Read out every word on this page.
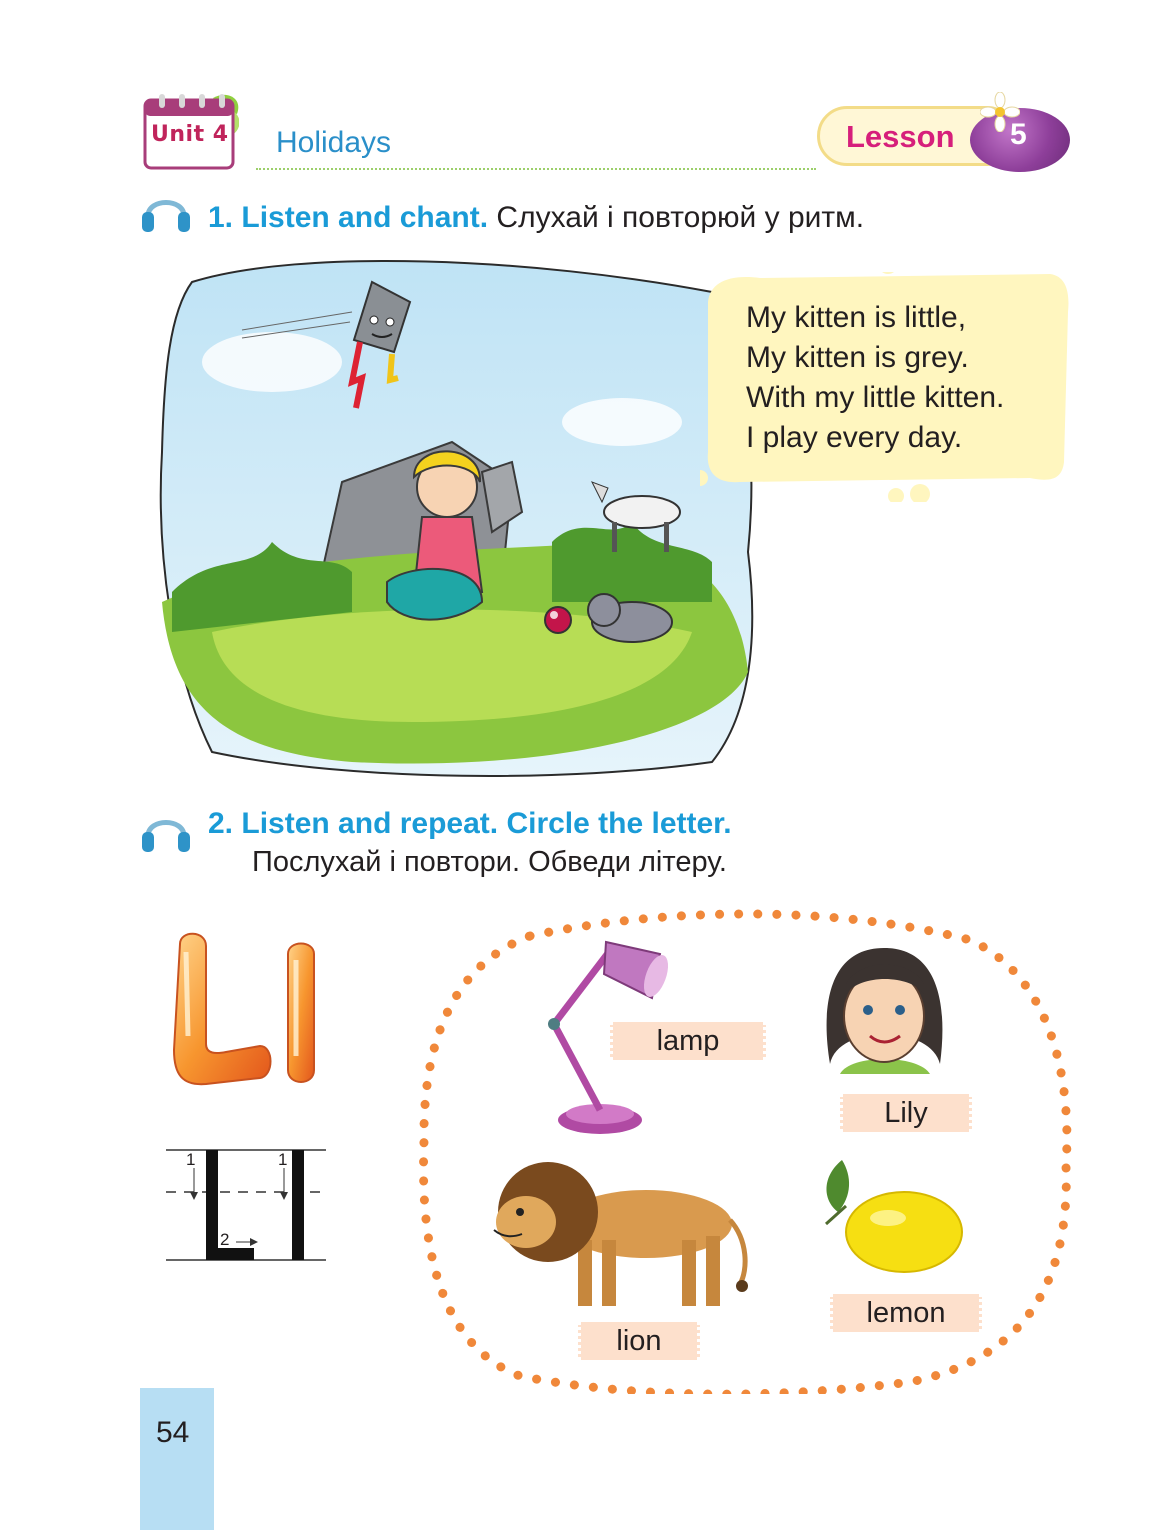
Unit 4 Holidays	Lesson 5
1. Listen and chant. Слухай і повторюй у ритм.
My kitten is little,
My kitten is grey.
With my little kitten.
I play every day.
2. Listen and repeat. Circle the letter.
Послухай і повтори. Обведи літеру.
1	1
2
lamp
Lily
lion
lemon
54
